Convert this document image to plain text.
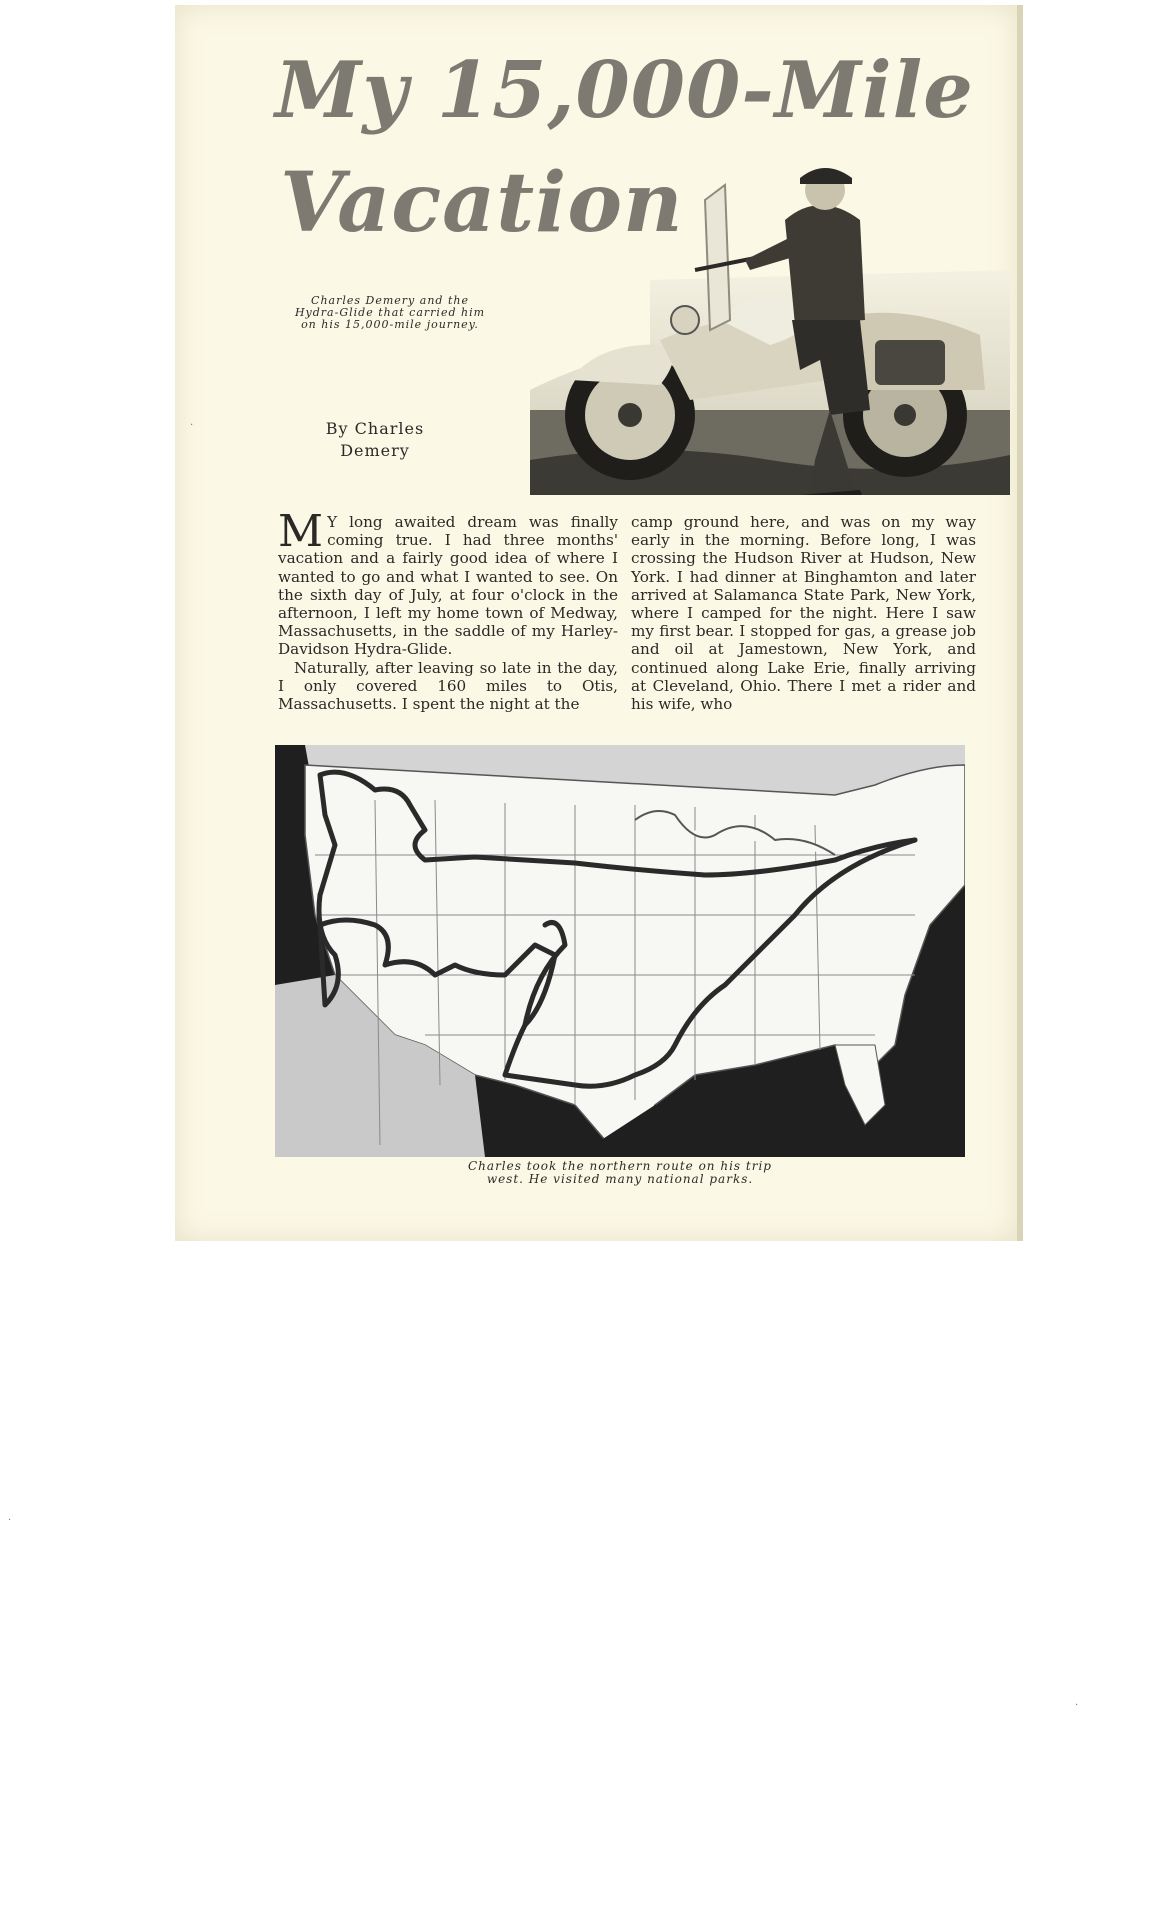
My 15,000-Mile
Vacation
Charles Demery and the Hydra-Glide that carried him on his 15,000-mile journey.
By Charles
Demery

M Y long awaited dream was finally coming true. I had three months' vacation and a fairly good idea of where I wanted to go and what I wanted to see. On the sixth day of July, at four o'clock in the afternoon, I left my home town of Medway, Massachusetts, in the saddle of my Harley-Davidson Hydra-Glide.

Naturally, after leaving so late in the day, I only covered 160 miles to Otis, Massachusetts. I spent the night at the

camp ground here, and was on my way early in the morning. Before long, I was crossing the Hudson River at Hudson, New York. I had dinner at Binghamton and later arrived at Salamanca State Park, New York, where I camped for the night. Here I saw my first bear. I stopped for gas, a grease job and oil at Jamestown, New York, and continued along Lake Erie, finally arriving at Cleveland, Ohio. There I met a rider and his wife, who

Charles took the northern route on his trip west. He visited many national parks.
·
·
·
